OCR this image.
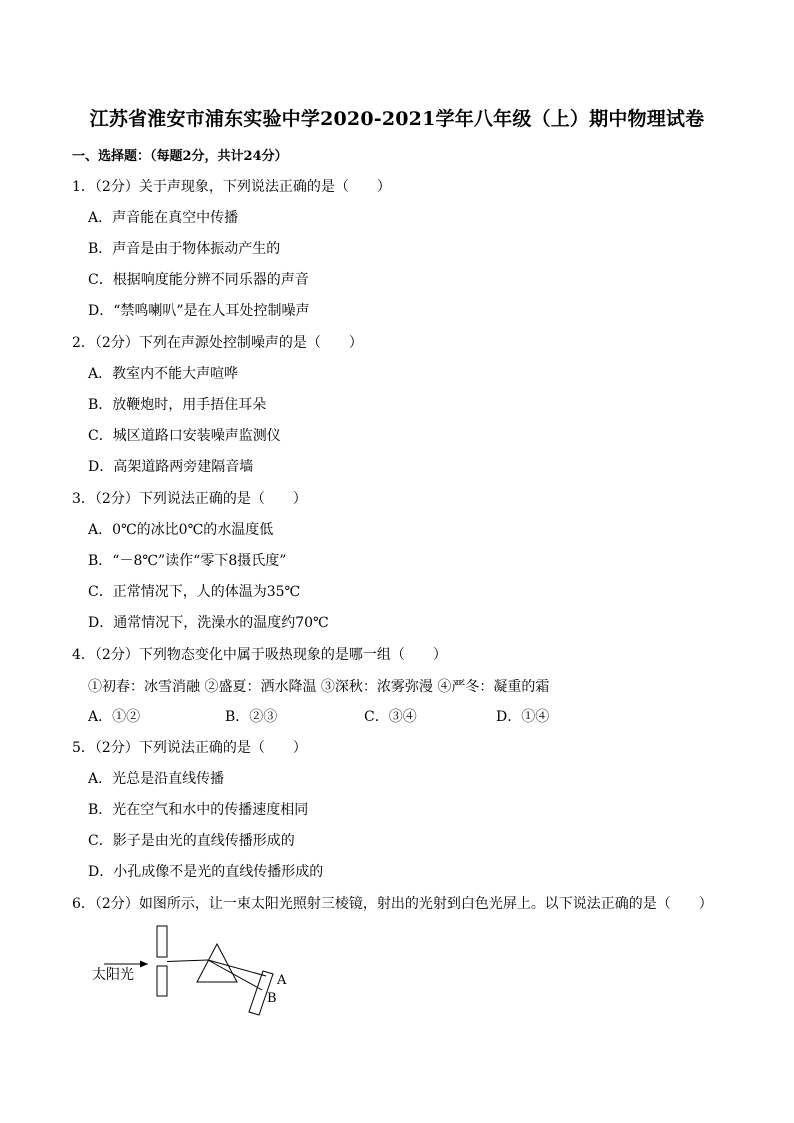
江苏省淮安市浦东实验中学2020-2021学年八年级（上）期中物理试卷
一、选择题：（每题2分，共计24分）
1．（2分）关于声现象，下列说法正确的是（　　）
A．声音能在真空中传播
B．声音是由于物体振动产生的
C．根据响度能分辨不同乐器的声音
D．“禁鸣喇叭”是在人耳处控制噪声
2．（2分）下列在声源处控制噪声的是（　　）
A．教室内不能大声喧哗
B．放鞭炮时，用手捂住耳朵
C．城区道路口安装噪声监测仪
D．高架道路两旁建隔音墙
3．（2分）下列说法正确的是（　　）
A．0℃的冰比0℃的水温度低
B．“－8℃”读作“零下8摄氏度”
C．正常情况下，人的体温为35℃
D．通常情况下，洗澡水的温度约70℃
4．（2分）下列物态变化中属于吸热现象的是哪一组（　　）
①初春：冰雪消融 ②盛夏：洒水降温 ③深秋：浓雾弥漫 ④严冬：凝重的霜
A．①②	B．②③	C．③④	D．①④
5．（2分）下列说法正确的是（　　）
A．光总是沿直线传播
B．光在空气和水中的传播速度相同
C．影子是由光的直线传播形成的
D．小孔成像不是光的直线传播形成的
6．（2分）如图所示，让一束太阳光照射三棱镜，射出的光射到白色光屏上。以下说法正确的是（　　）
太阳光	A
B
